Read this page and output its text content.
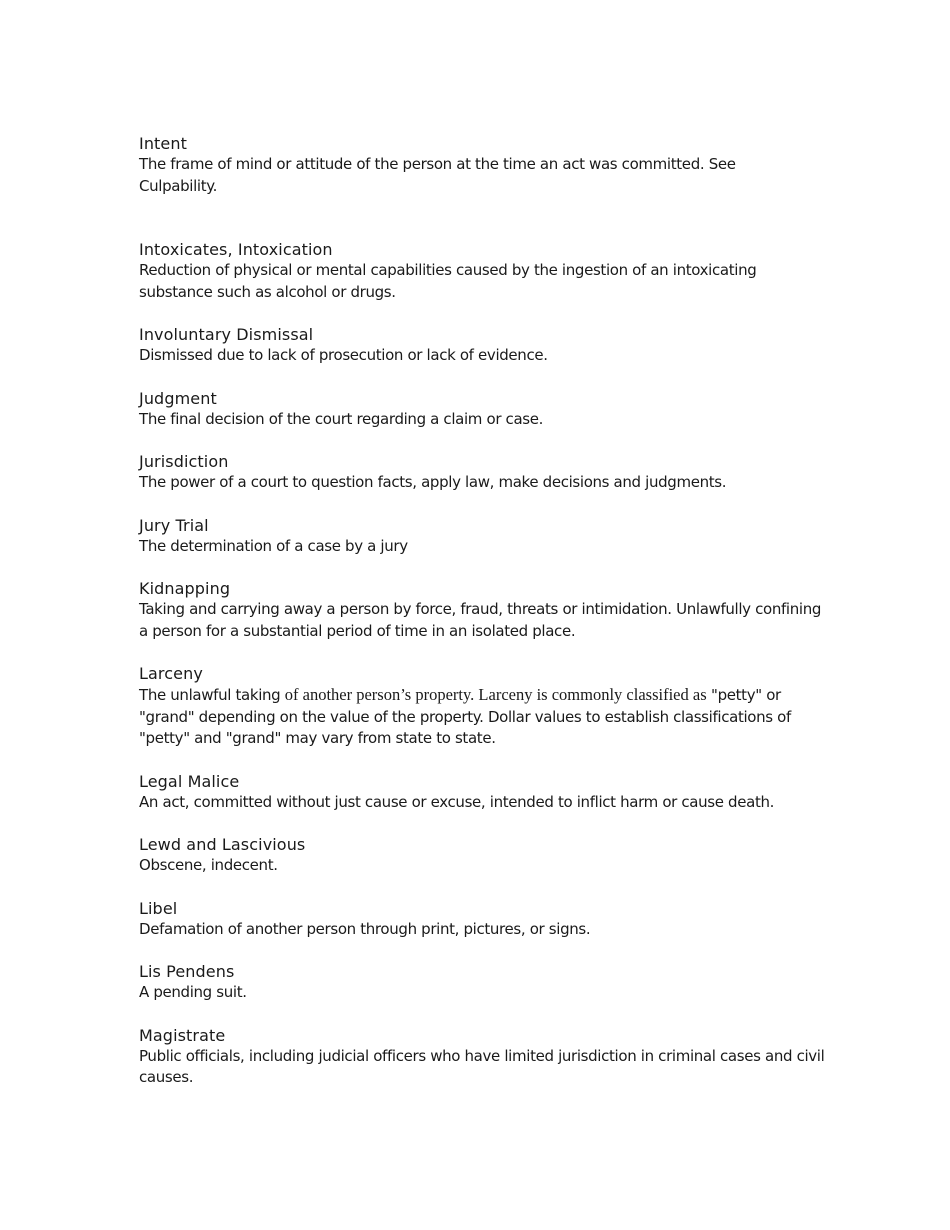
Intent
The frame of mind or attitude of the person at the time an act was committed. See Culpability.
Intoxicates, Intoxication
Reduction of physical or mental capabilities caused by the ingestion of an intoxicating substance such as alcohol or drugs.
Involuntary Dismissal
Dismissed due to lack of prosecution or lack of evidence.
Judgment
The final decision of the court regarding a claim or case.
Jurisdiction
The power of a court to question facts, apply law, make decisions and judgments.
Jury Trial
The determination of a case by a jury
Kidnapping
Taking and carrying away a person by force, fraud, threats or intimidation. Unlawfully confining a person for a substantial period of time in an isolated place.
Larceny
The unlawful taking of another person’s property. Larceny is commonly classified as "petty" or "grand" depending on the value of the property. Dollar values to establish classifications of "petty" and "grand" may vary from state to state.
Legal Malice
An act, committed without just cause or excuse, intended to inflict harm or cause death.
Lewd and Lascivious
Obscene, indecent.
Libel
Defamation of another person through print, pictures, or signs.
Lis Pendens
A pending suit.
Magistrate
Public officials, including judicial officers who have limited jurisdiction in criminal cases and civil causes.
